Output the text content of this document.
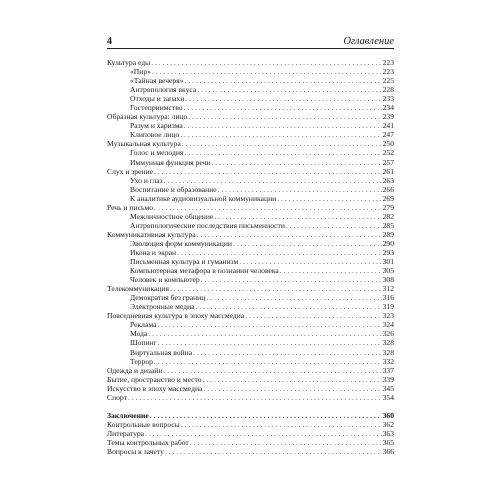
4	Оглавление
Культура еды . . .	223
«Пир» . . .	223
«Тайная вечеря» . . .	225
Антропология вкуса . . .	228
Отходы и запахи . . .	233
Гостеприимство . . .	234
Образная культура: лицо . . .	239
Разум и харизма . . .	241
Клиповое лицо . . .	247
Музыкальная культура . . .	250
Голос и мелодия . . .	252
Иммунная функция речи . . .	257
Слух и зрение . . .	261
Ухо и глаз . . .	263
Воспитание и образование . . .	266
К аналитике аудиовизуальной коммуникации . . .	269
Речь и письмо . . .	279
Межличностное общение . . .	282
Антропологические последствия письменности . . .	285
Коммуникативная культура . . .	289
Эволюция форм коммуникации . . .	290
Икона и экран . . .	293
Письменная культура и гуманизм . . .	301
Компьютерная метафора в познании человека . . .	305
Человек и компьютер . . .	308
Телекоммуникация . . .	312
Демократия без границ . . .	316
Электронные медиа . . .	319
Повседневная культура в эпоху массмедиа . . .	323
Реклама . . .	324
Мода . . .	326
Шопинг . . .	328
Виртуальная война . . .	328
Террор . . .	332
Одежда и дизайн . . .	337
Бытие, пространство и место . . .	339
Искусство в эпоху массмедиа . . .	345
Спорт . . .	354
Заключение . . .	360
Контрольные вопросы . . .	362
Литература . . .	363
Темы контрольных работ . . .	365
Вопросы к зачету . . .	366
